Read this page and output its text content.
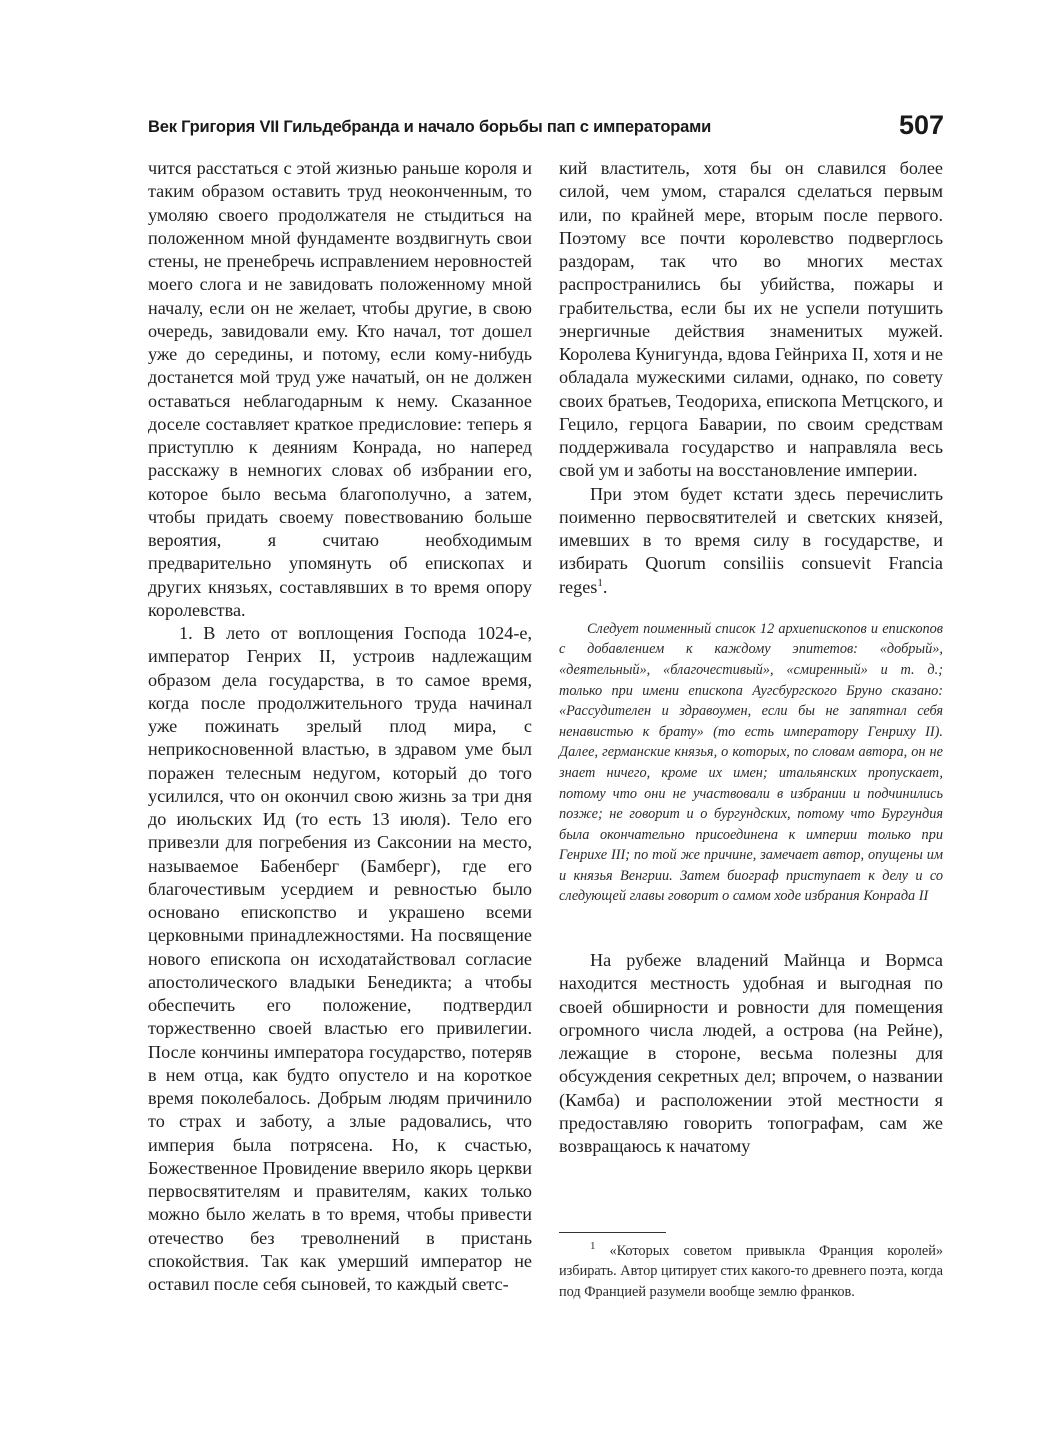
Век Григория VII Гильдебранда и начало борьбы пап с императорами	507

чится расстаться с этой жизнью раньше короля и таким образом оставить труд неоконченным, то умоляю своего продолжателя не стыдиться на положенном мной фундаменте воздвигнуть свои стены, не пренебречь исправлением неровностей моего слога и не завидовать положенному мной началу, если он не желает, чтобы другие, в свою очередь, завидовали ему. Кто начал, тот дошел уже до середины, и потому, если кому-нибудь достанется мой труд уже начатый, он не должен оставаться неблагодарным к нему. Сказанное доселе составляет краткое предисловие: теперь я приступлю к деяниям Конрада, но наперед расскажу в немногих словах об избрании его, которое было весьма благополучно, а затем, чтобы придать своему повествованию больше вероятия, я считаю необходимым предварительно упомянуть об епископах и других князьях, составлявших в то время опору королевства.

1. В лето от воплощения Господа 1024-е, император Генрих II, устроив надлежащим образом дела государства, в то самое время, когда после продолжительного труда начинал уже пожинать зрелый плод мира, с неприкосновенной властью, в здравом уме был поражен телесным недугом, который до того усилился, что он окончил свою жизнь за три дня до июльских Ид (то есть 13 июля). Тело его привезли для погребения из Саксонии на место, называемое Бабенберг (Бамберг), где его благочестивым усердием и ревностью было основано епископство и украшено всеми церковными принадлежностями. На посвящение нового епископа он исходатайствовал согласие апостолического владыки Бенедикта; а чтобы обеспечить его положение, подтвердил торжественно своей властью его привилегии. После кончины императора государство, потеряв в нем отца, как будто опустело и на короткое время поколебалось. Добрым людям причинило то страх и заботу, а злые радовались, что империя была потрясена. Но, к счастью, Божественное Провидение вверило якорь церкви первосвятителям и правителям, каких только можно было желать в то время, чтобы привести отечество без треволнений в пристань спокойствия. Так как умерший император не оставил после себя сыновей, то каждый светс-

кий властитель, хотя бы он славился более силой, чем умом, старался сделаться первым или, по крайней мере, вторым после первого. Поэтому все почти королевство подверглось раздорам, так что во многих местах распространились бы убийства, пожары и грабительства, если бы их не успели потушить энергичные действия знаменитых мужей. Королева Кунигунда, вдова Гейнриха II, хотя и не обладала мужескими силами, однако, по совету своих братьев, Теодориха, епископа Метцского, и Гецило, герцога Баварии, по своим средствам поддерживала государство и направляла весь свой ум и заботы на восстановление империи.

При этом будет кстати здесь перечислить поименно первосвятителей и светских князей, имевших в то время силу в государстве, и избирать Quorum consiliis consuevit Francia reges$^1$.

Следует поименный список 12 архиепископов и епископов с добавлением к каждому эпитетов: «добрый», «деятельный», «благочестивый», «смиренный» и т. д.; только при имени епископа Аугсбургского Бруно сказано: «Рассудителен и здравоумен, если бы не запятнал себя ненавистью к брату» (то есть императору Генриху II). Далее, германские князья, о которых, по словам автора, он не знает ничего, кроме их имен; итальянских пропускает, потому что они не участвовали в избрании и подчинились позже; не говорит и о бургундских, потому что Бургундия была окончательно присоединена к империи только при Генрихе III; по той же причине, замечает автор, опущены им и князья Венгрии. Затем биограф приступает к делу и со следующей главы говорит о самом ходе избрания Конрада II

На рубеже владений Майнца и Вормса находится местность удобная и выгодная по своей обширности и ровности для помещения огромного числа людей, а острова (на Рейне), лежащие в стороне, весьма полезны для обсуждения секретных дел; впрочем, о названии (Камба) и расположении этой местности я предоставляю говорить топографам, сам же возвращаюсь к начатому

$^1$ «Которых советом привыкла Франция королей» избирать. Автор цитирует стих какого-то древнего поэта, когда под Францией разумели вообще землю франков.
